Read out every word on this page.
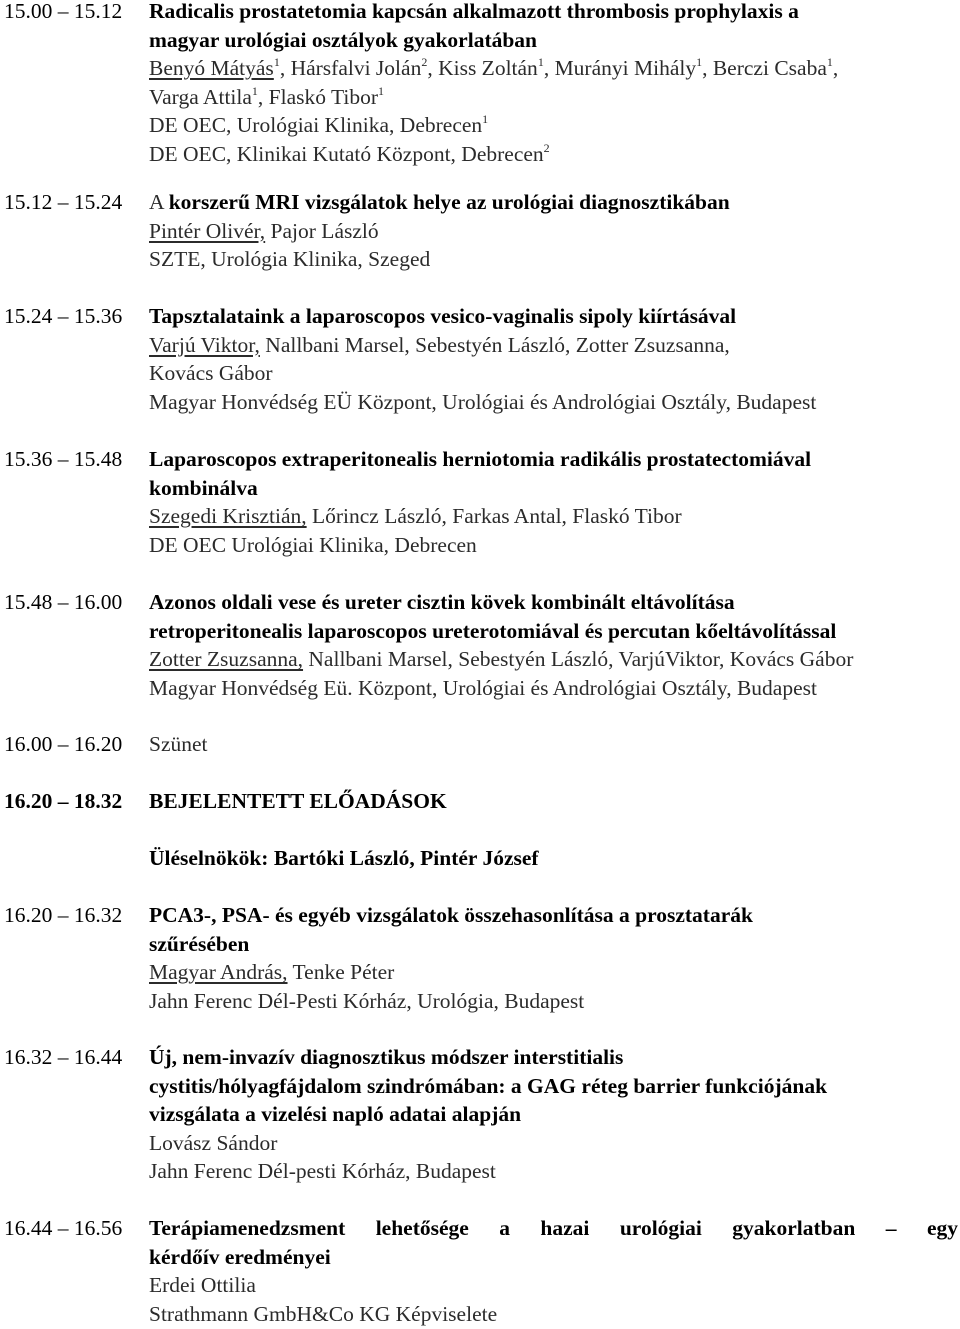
15.00 – 15.12 Radicalis prostatetomia kapcsán alkalmazott thrombosis prophylaxis a
magyar urológiai osztályok gyakorlatában
Benyó Mátyás$^1$, Hársfalvi Jolán$^2$, Kiss Zoltán$^1$, Murányi Mihály$^1$, Berczi Csaba$^1$,
Varga Attila$^1$, Flaskó Tibor$^1$
DE OEC, Urológiai Klinika, Debrecen$^1$
DE OEC, Klinikai Kutató Központ, Debrecen$^2$
15.12 – 15.24 A korszerű MRI vizsgálatok helye az urológiai diagnosztikában
Pintér Olivér, Pajor László
SZTE, Urológia Klinika, Szeged
15.24 – 15.36 Tapsztalataink a laparoscopos vesico-vaginalis sipoly kiírtásával
Varjú Viktor, Nallbani Marsel, Sebestyén László, Zotter Zsuzsanna,
Kovács Gábor
Magyar Honvédség EÜ Központ, Urológiai és Andrológiai Osztály, Budapest
15.36 – 15.48 Laparoscopos extraperitonealis herniotomia radikális prostatectomiával
kombinálva
Szegedi Krisztián, Lőrincz László, Farkas Antal, Flaskó Tibor
DE OEC Urológiai Klinika, Debrecen
15.48 – 16.00 Azonos oldali vese és ureter cisztin kövek kombinált eltávolítása
retroperitonealis laparoscopos ureterotomiával és percutan kőeltávolítással
Zotter Zsuzsanna, Nallbani Marsel, Sebestyén László, VarjúViktor, Kovács Gábor
Magyar Honvédség Eü. Központ, Urológiai és Andrológiai Osztály, Budapest
16.00 – 16.20 Szünet
16.20 – 18.32 BEJELENTETT ELŐADÁSOK
Üléselnökök: Bartóki László, Pintér József
16.20 – 16.32 PCA3-, PSA- és egyéb vizsgálatok összehasonlítása a prosztatarák
szűrésében
Magyar András, Tenke Péter
Jahn Ferenc Dél-Pesti Kórház, Urológia, Budapest
16.32 – 16.44 Új, nem-invazív diagnosztikus módszer interstitialis
cystitis/hólyagfájdalom szindrómában: a GAG réteg barrier funkciójának
vizsgálata a vizelési napló adatai alapján
Lovász Sándor
Jahn Ferenc Dél-pesti Kórház, Budapest
16.44 – 16.56 Terápiamenedzsment lehetősége a hazai urológiai gyakorlatban – egy
kérdőív eredményei
Erdei Ottilia
Strathmann GmbH&Co KG Képviselete
